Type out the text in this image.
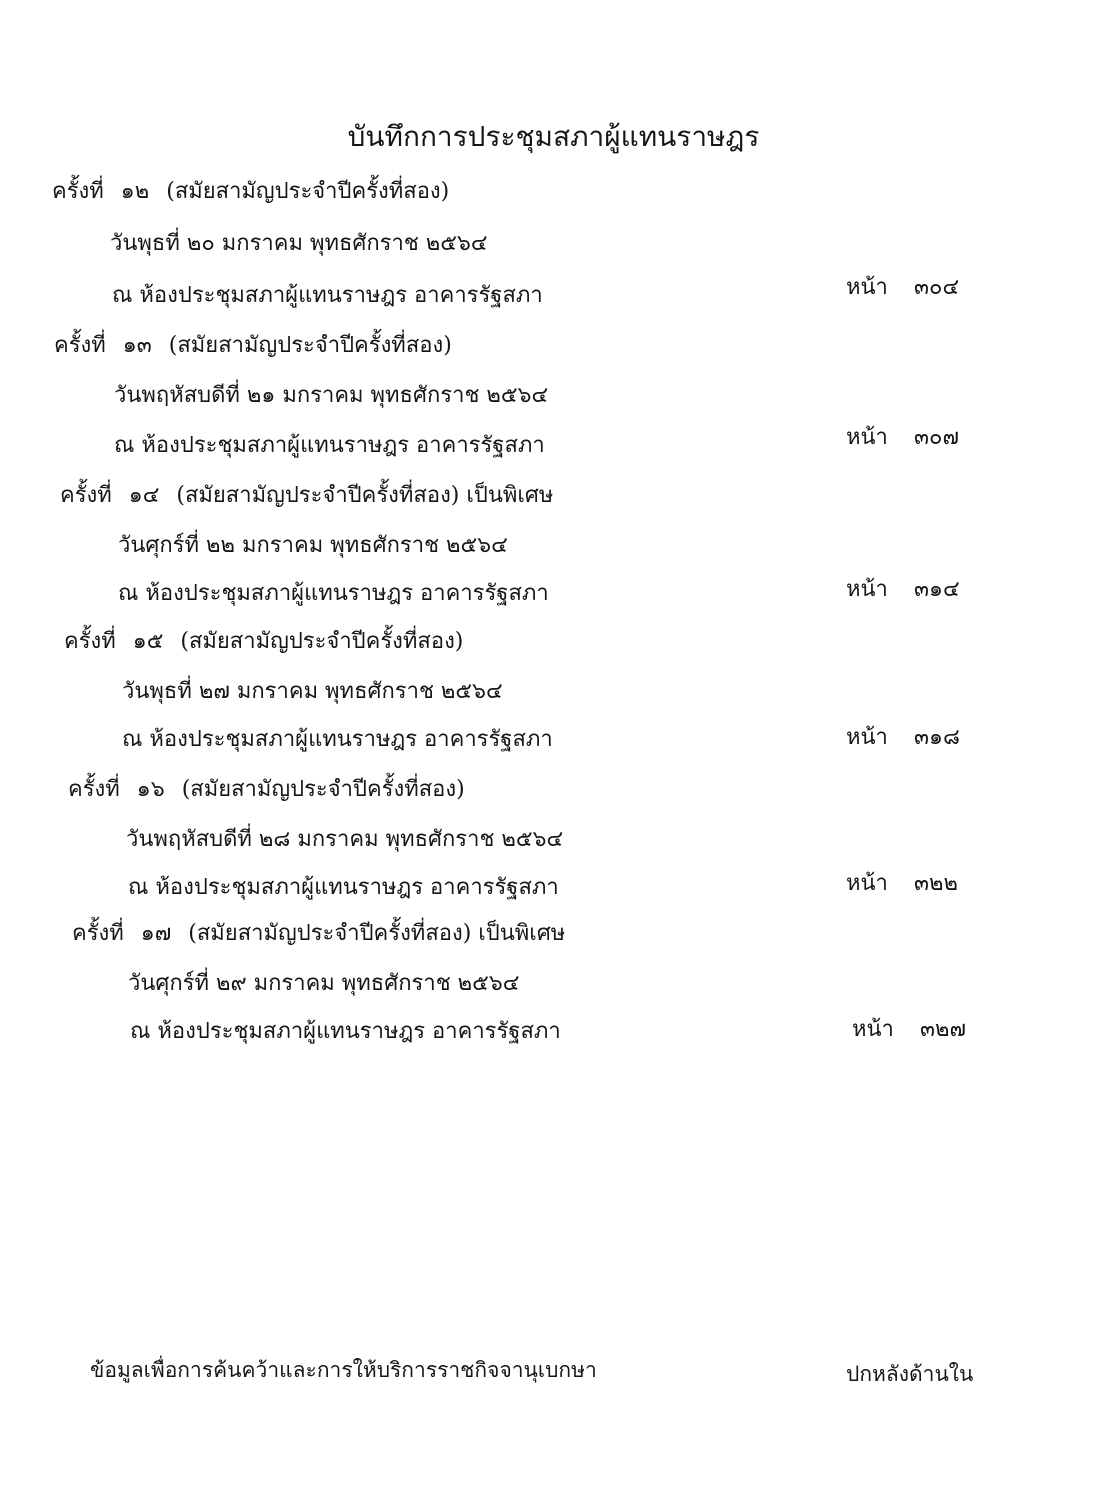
บันทึกการประชุมสภาผู้แทนราษฎร
ครั้งที่ ๑๒ (สมัยสามัญประจำปีครั้งที่สอง)
วันพุธที่ ๒๐ มกราคม พุทธศักราช ๒๕๖๔
ณ ห้องประชุมสภาผู้แทนราษฎร อาคารรัฐสภา	หน้า ๓๐๔
ครั้งที่ ๑๓ (สมัยสามัญประจำปีครั้งที่สอง)
วันพฤหัสบดีที่ ๒๑ มกราคม พุทธศักราช ๒๕๖๔
ณ ห้องประชุมสภาผู้แทนราษฎร อาคารรัฐสภา	หน้า ๓๐๗
ครั้งที่ ๑๔ (สมัยสามัญประจำปีครั้งที่สอง) เป็นพิเศษ
วันศุกร์ที่ ๒๒ มกราคม พุทธศักราช ๒๕๖๔
ณ ห้องประชุมสภาผู้แทนราษฎร อาคารรัฐสภา	หน้า ๓๑๔
ครั้งที่ ๑๕ (สมัยสามัญประจำปีครั้งที่สอง)
วันพุธที่ ๒๗ มกราคม พุทธศักราช ๒๕๖๔
ณ ห้องประชุมสภาผู้แทนราษฎร อาคารรัฐสภา	หน้า ๓๑๘
ครั้งที่ ๑๖ (สมัยสามัญประจำปีครั้งที่สอง)
วันพฤหัสบดีที่ ๒๘ มกราคม พุทธศักราช ๒๕๖๔
ณ ห้องประชุมสภาผู้แทนราษฎร อาคารรัฐสภา	หน้า ๓๒๒
ครั้งที่ ๑๗ (สมัยสามัญประจำปีครั้งที่สอง) เป็นพิเศษ
วันศุกร์ที่ ๒๙ มกราคม พุทธศักราช ๒๕๖๔
ณ ห้องประชุมสภาผู้แทนราษฎร อาคารรัฐสภา	หน้า ๓๒๗
ข้อมูลเพื่อการค้นคว้าและการให้บริการราชกิจจานุเบกษา	ปกหลังด้านใน
